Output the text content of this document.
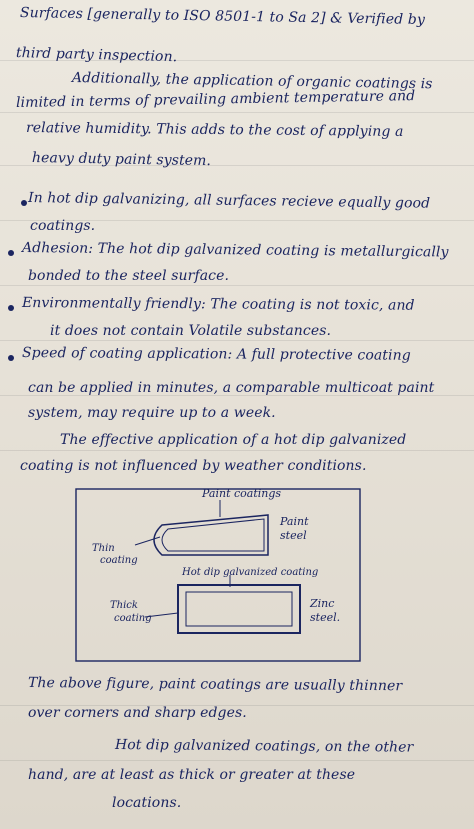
Surfaces [generally to ISO 8501-1 to Sa 2] & Verified by
third party inspection.
Additionally, the application of organic coatings is
limited in terms of prevailing ambient temperature and
relative humidity. This adds to the cost of applying a
heavy duty paint system.
In hot dip galvanizing, all surfaces recieve equally good
coatings.
Adhesion: The hot dip galvanized coating is metallurgically
bonded to the steel surface.
Environmentally friendly: The coating is not toxic, and
it does not contain Volatile substances.
Speed of coating application: A full protective coating
can be applied in minutes, a comparable multicoat paint
system, may require up to a week.
The effective application of a hot dip galvanized
coating is not influenced by weather conditions.
Paint coatings
Paint
steel
Thin
coating
Hot dip galvanized coating
Thick
coating
Zinc
steel.
The above figure, paint coatings are usually thinner
over corners and sharp edges.
Hot dip galvanized coatings, on the other
hand, are at least as thick or greater at these
locations.
